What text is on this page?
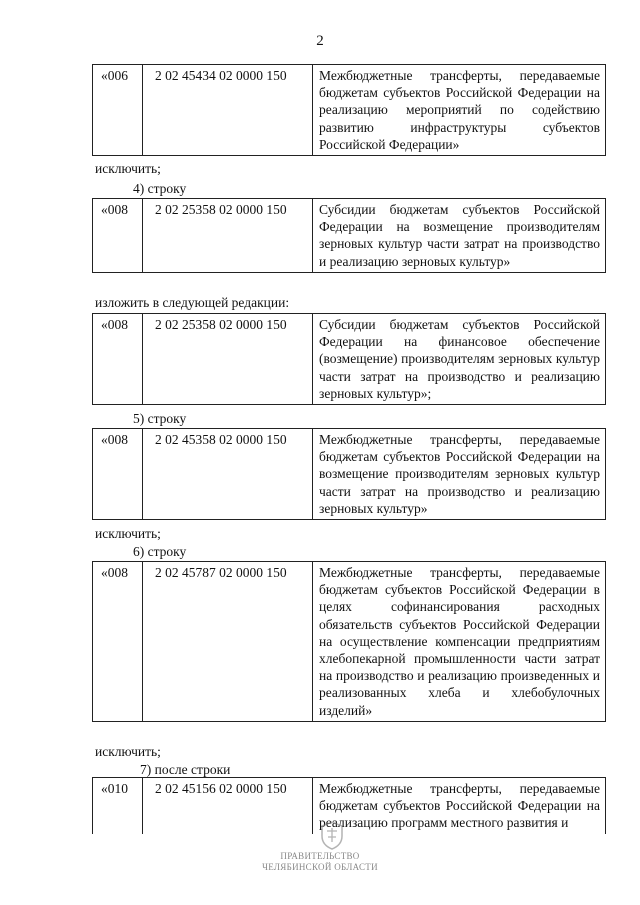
2
«006	2 02 45434 02 0000 150	Межбюджетные трансферты, передаваемые бюджетам субъектов Российской Федерации на реализацию мероприятий по содействию развитию инфраструктуры субъектов Российской Федерации»
исключить;
4) строку
«008	2 02 25358 02 0000 150	Субсидии бюджетам субъектов Российской Федерации на возмещение производителям зерновых культур части затрат на производство и реализацию зерновых культур»
изложить в следующей редакции:
«008	2 02 25358 02 0000 150	Субсидии бюджетам субъектов Российской Федерации на финансовое обеспечение (возмещение) производителям зерновых культур части затрат на производство и реализацию зерновых культур»;
5) строку
«008	2 02 45358 02 0000 150	Межбюджетные трансферты, передаваемые бюджетам субъектов Российской Федерации на возмещение производителям зерновых культур части затрат на производство и реализацию зерновых культур»
исключить;
6) строку
«008	2 02 45787 02 0000 150	Межбюджетные трансферты, передаваемые бюджетам субъектов Российской Федерации в целях софинансирования расходных обязательств субъектов Российской Федерации на осуществление компенсации предприятиям хлебопекарной промышленности части затрат на производство и реализацию произведенных и реализованных хлеба и хлебобулочных изделий»
исключить;
7) после строки
«010	2 02 45156 02 0000 150	Межбюджетные трансферты, передаваемые бюджетам субъектов Российской Федерации на реализацию программ местного развития и
ПРАВИТЕЛЬСТВО
ЧЕЛЯБИНСКОЙ ОБЛАСТИ
